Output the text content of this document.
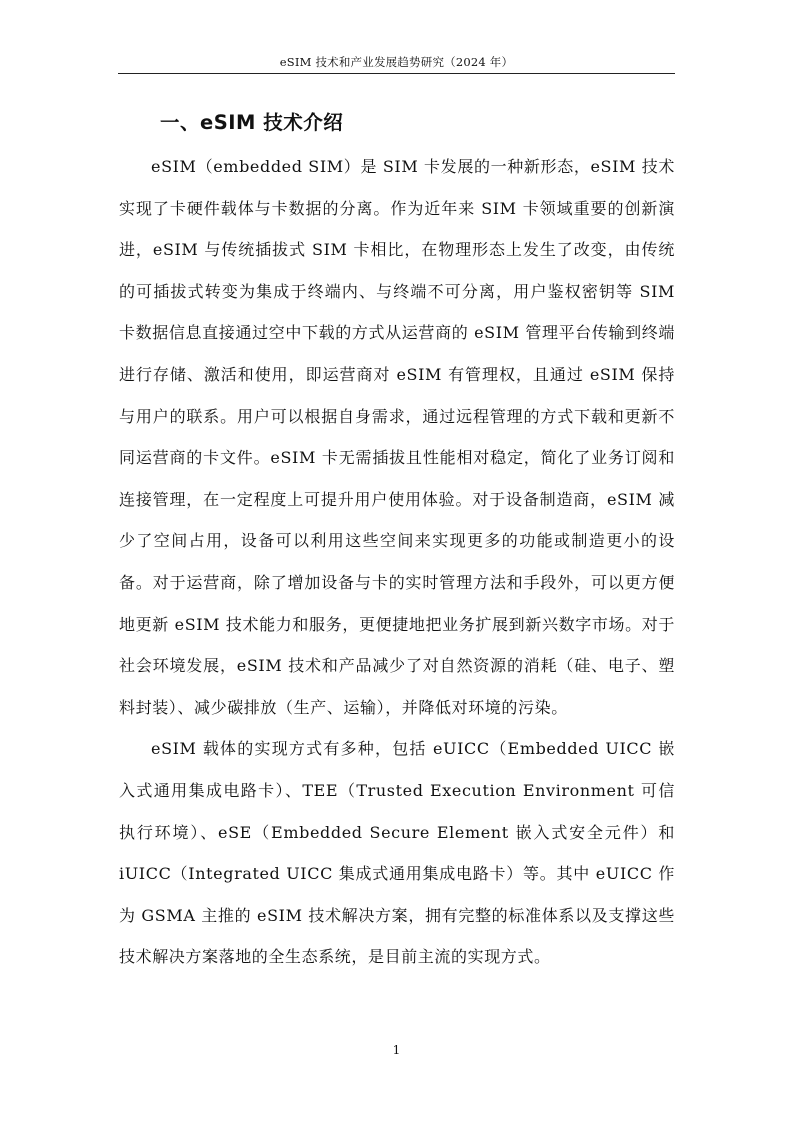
eSIM 技术和产业发展趋势研究（2024 年）
一、eSIM 技术介绍

eSIM（embedded SIM）是 SIM 卡发展的一种新形态，eSIM 技术实现了卡硬件载体与卡数据的分离。作为近年来 SIM 卡领域重要的创新演进，eSIM 与传统插拔式 SIM 卡相比，在物理形态上发生了改变，由传统的可插拔式转变为集成于终端内、与终端不可分离，用户鉴权密钥等 SIM 卡数据信息直接通过空中下载的方式从运营商的 eSIM 管理平台传输到终端进行存储、激活和使用，即运营商对 eSIM 有管理权，且通过 eSIM 保持与用户的联系。用户可以根据自身需求，通过远程管理的方式下载和更新不同运营商的卡文件。eSIM 卡无需插拔且性能相对稳定，简化了业务订阅和连接管理，在一定程度上可提升用户使用体验。对于设备制造商，eSIM 减少了空间占用，设备可以利用这些空间来实现更多的功能或制造更小的设备。对于运营商，除了增加设备与卡的实时管理方法和手段外，可以更方便地更新 eSIM 技术能力和服务，更便捷地把业务扩展到新兴数字市场。对于社会环境发展，eSIM 技术和产品减少了对自然资源的消耗（硅、电子、塑料封装）、减少碳排放（生产、运输），并降低对环境的污染。

eSIM 载体的实现方式有多种，包括 eUICC（Embedded UICC 嵌入式通用集成电路卡）、TEE（Trusted Execution Environment 可信执行环境）、eSE（Embedded Secure Element 嵌入式安全元件）和 iUICC（Integrated UICC 集成式通用集成电路卡）等。其中 eUICC 作为 GSMA 主推的 eSIM 技术解决方案，拥有完整的标准体系以及支撑这些技术解决方案落地的全生态系统，是目前主流的实现方式。

1
